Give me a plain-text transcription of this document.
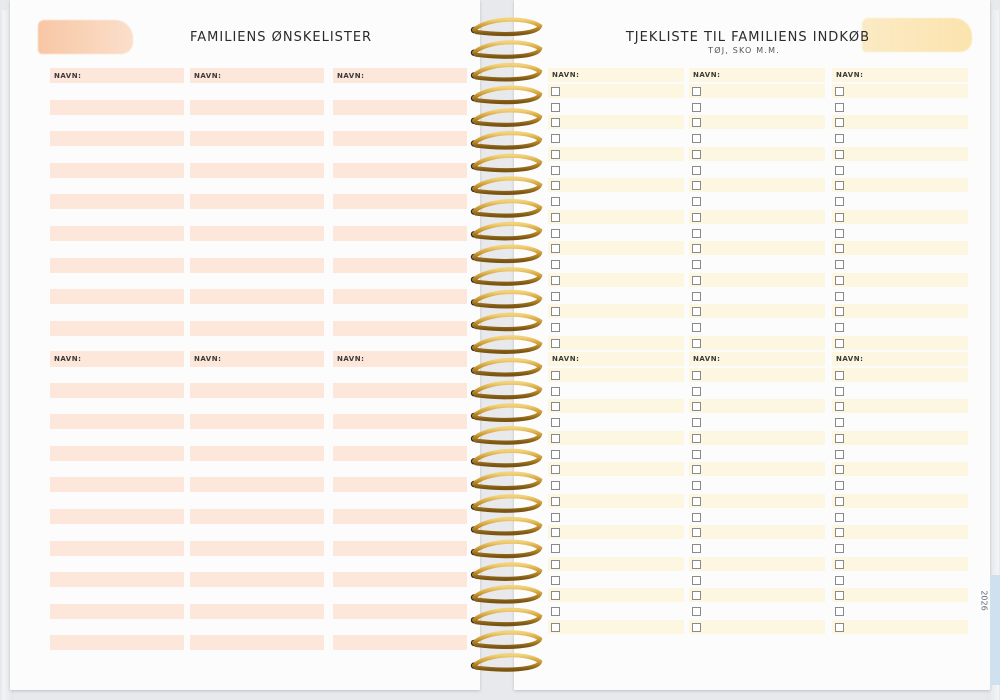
FAMILIENS ØNSKELISTER
NAVN:	NAVN:	NAVN:
NAVN:	NAVN:	NAVN:
TJEKLISTE TIL FAMILIENS INDKØB
TØJ, SKO M.M.
NAVN:	NAVN:	NAVN:
NAVN:	NAVN:	NAVN:
2026
